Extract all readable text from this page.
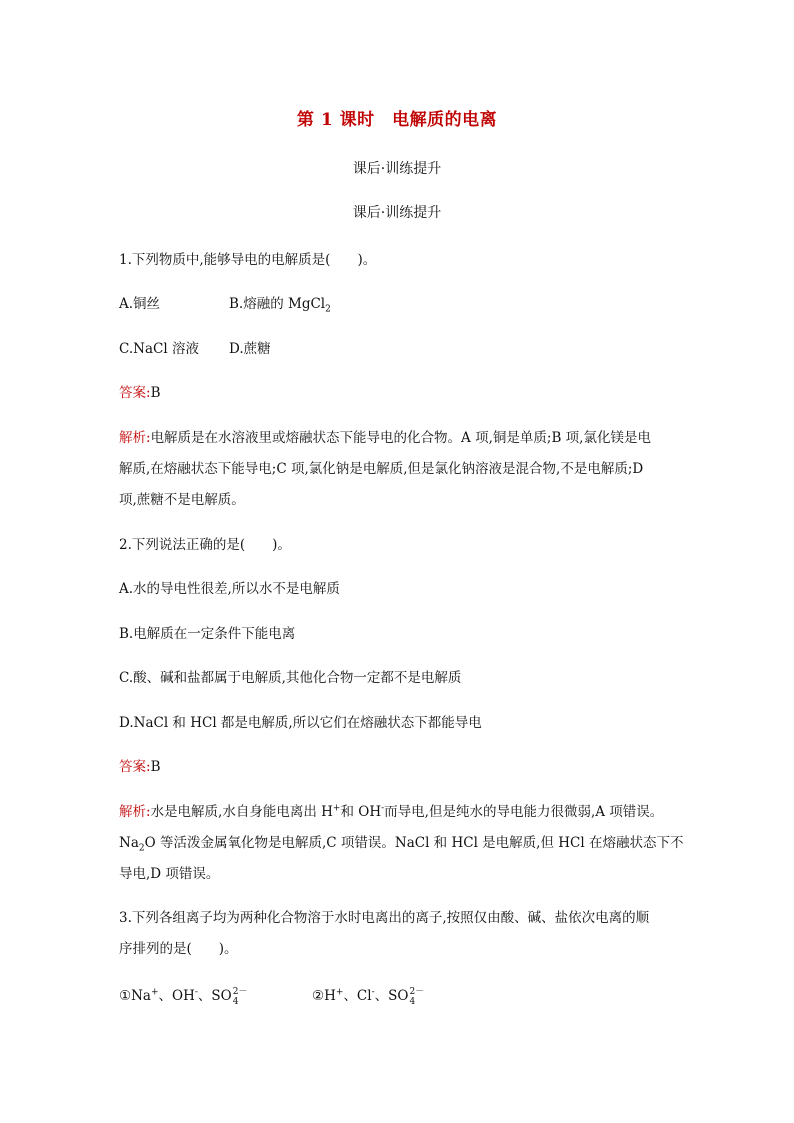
第 1 课时　电解质的电离
课后·训练提升
课后·训练提升
1.下列物质中,能够导电的电解质是(　　)。
A.铜丝	B.熔融的 MgCl$_2$
C.NaCl 溶液 D.蔗糖
答案:B
解析:电解质是在水溶液里或熔融状态下能导电的化合物。A 项,铜是单质;B 项,氯化镁是电
解质,在熔融状态下能导电;C 项,氯化钠是电解质,但是氯化钠溶液是混合物,不是电解质;D
项,蔗糖不是电解质。
2.下列说法正确的是(　　)。
A.水的导电性很差,所以水不是电解质
B.电解质在一定条件下能电离
C.酸、碱和盐都属于电解质,其他化合物一定都不是电解质
D.NaCl 和 HCl 都是电解质,所以它们在熔融状态下都能导电
答案:B
解析:水是电解质,水自身能电离出 H+和 OH-而导电,但是纯水的导电能力很微弱,A 项错误。
$Na_2O$ 等活泼金属氧化物是电解质,C 项错误。NaCl 和 HCl 是电解质,但 HCl 在熔融状态下不
导电,D 项错误。
3.下列各组离子均为两种化合物溶于水时电离出的离子,按照仅由酸、碱、盐依次电离的顺
序排列的是(　　)。
①Na+、OH-、SO 2－
4	②H+、Cl-、SO 2－
4
